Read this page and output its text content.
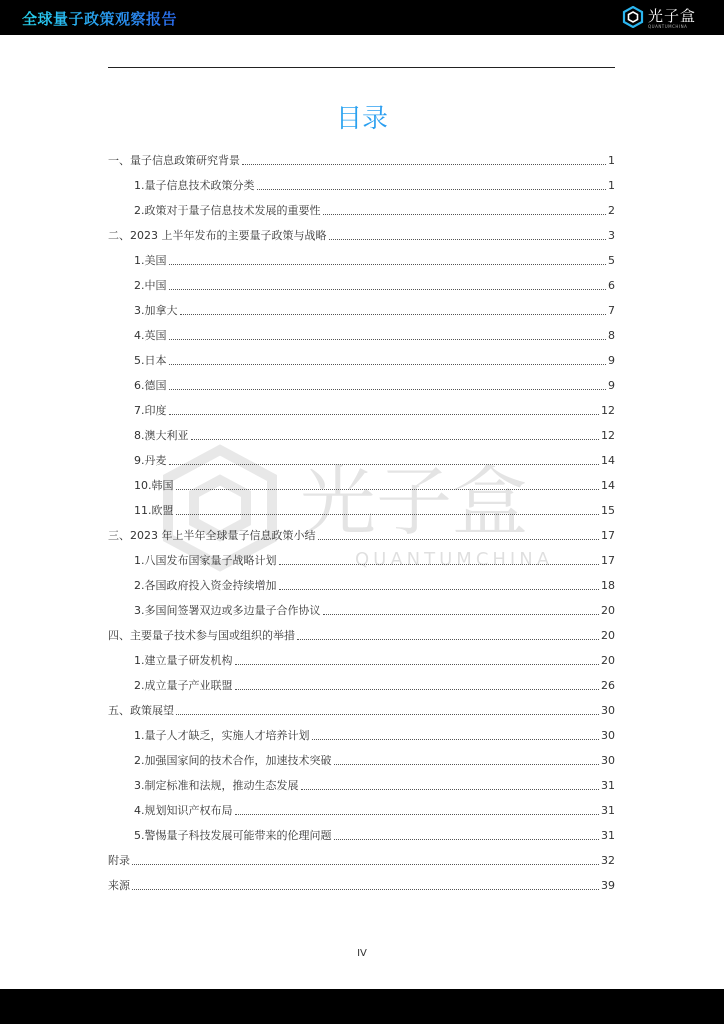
全球量子政策观察报告	光子盒
QUANTUMCHINA
目录
光子盒
QUANTUMCHINA
一、量子信息政策研究背景	1
1.量子信息技术政策分类	1
2.政策对于量子信息技术发展的重要性	2
二、2023 上半年发布的主要量子政策与战略	3
1.美国	5
2.中国	6
3.加拿大	7
4.英国	8
5.日本	9
6.德国	9
7.印度	12
8.澳大利亚	12
9.丹麦	14
10.韩国	14
11.欧盟	15
三、2023 年上半年全球量子信息政策小结	17
1.八国发布国家量子战略计划	17
2.各国政府投入资金持续增加	18
3.多国间签署双边或多边量子合作协议	20
四、主要量子技术参与国或组织的举措	20
1.建立量子研发机构	20
2.成立量子产业联盟	26
五、政策展望	30
1.量子人才缺乏，实施人才培养计划	30
2.加强国家间的技术合作，加速技术突破	30
3.制定标准和法规，推动生态发展	31
4.规划知识产权布局	31
5.警惕量子科技发展可能带来的伦理问题	31
附录	32
来源	39
IV
